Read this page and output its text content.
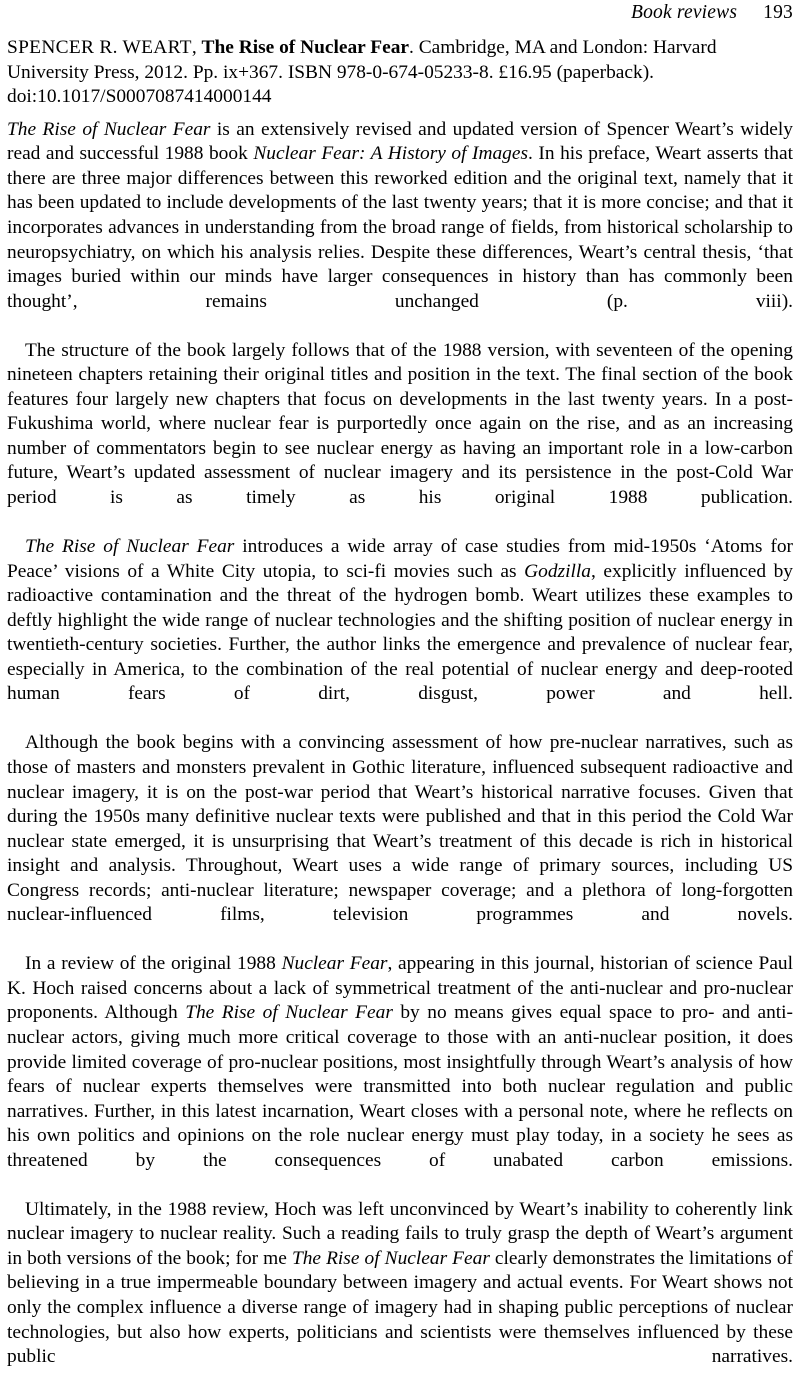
Book reviews 193
SPENCER R. WEART, The Rise of Nuclear Fear. Cambridge, MA and London: Harvard University Press, 2012. Pp. ix+367. ISBN 978-0-674-05233-8. £16.95 (paperback).
doi:10.1017/S0007087414000144

The Rise of Nuclear Fear is an extensively revised and updated version of Spencer Weart’s widely read and successful 1988 book Nuclear Fear: A History of Images. In his preface, Weart asserts that there are three major differences between this reworked edition and the original text, namely that it has been updated to include developments of the last twenty years; that it is more concise; and that it incorporates advances in understanding from the broad range of fields, from historical scholarship to neuropsychiatry, on which his analysis relies. Despite these differences, Weart’s central thesis, ‘that images buried within our minds have larger consequences in history than has commonly been thought’, remains unchanged (p. viii).

The structure of the book largely follows that of the 1988 version, with seventeen of the opening nineteen chapters retaining their original titles and position in the text. The final section of the book features four largely new chapters that focus on developments in the last twenty years. In a post-Fukushima world, where nuclear fear is purportedly once again on the rise, and as an increasing number of commentators begin to see nuclear energy as having an important role in a low-carbon future, Weart’s updated assessment of nuclear imagery and its persistence in the post-Cold War period is as timely as his original 1988 publication.

The Rise of Nuclear Fear introduces a wide array of case studies from mid-1950s ‘Atoms for Peace’ visions of a White City utopia, to sci-fi movies such as Godzilla, explicitly influenced by radioactive contamination and the threat of the hydrogen bomb. Weart utilizes these examples to deftly highlight the wide range of nuclear technologies and the shifting position of nuclear energy in twentieth-century societies. Further, the author links the emergence and prevalence of nuclear fear, especially in America, to the combination of the real potential of nuclear energy and deep-rooted human fears of dirt, disgust, power and hell.

Although the book begins with a convincing assessment of how pre-nuclear narratives, such as those of masters and monsters prevalent in Gothic literature, influenced subsequent radioactive and nuclear imagery, it is on the post-war period that Weart’s historical narrative focuses. Given that during the 1950s many definitive nuclear texts were published and that in this period the Cold War nuclear state emerged, it is unsurprising that Weart’s treatment of this decade is rich in historical insight and analysis. Throughout, Weart uses a wide range of primary sources, including US Congress records; anti-nuclear literature; newspaper coverage; and a plethora of long-forgotten nuclear-influenced films, television programmes and novels.

In a review of the original 1988 Nuclear Fear, appearing in this journal, historian of science Paul K. Hoch raised concerns about a lack of symmetrical treatment of the anti-nuclear and pro-nuclear proponents. Although The Rise of Nuclear Fear by no means gives equal space to pro- and anti-nuclear actors, giving much more critical coverage to those with an anti-nuclear position, it does provide limited coverage of pro-nuclear positions, most insightfully through Weart’s analysis of how fears of nuclear experts themselves were transmitted into both nuclear regulation and public narratives. Further, in this latest incarnation, Weart closes with a personal note, where he reflects on his own politics and opinions on the role nuclear energy must play today, in a society he sees as threatened by the consequences of unabated carbon emissions.

Ultimately, in the 1988 review, Hoch was left unconvinced by Weart’s inability to coherently link nuclear imagery to nuclear reality. Such a reading fails to truly grasp the depth of Weart’s argument in both versions of the book; for me The Rise of Nuclear Fear clearly demonstrates the limitations of believing in a true impermeable boundary between imagery and actual events. For Weart shows not only the complex influence a diverse range of imagery had in shaping public perceptions of nuclear technologies, but also how experts, politicians and scientists were themselves influenced by these public narratives.
